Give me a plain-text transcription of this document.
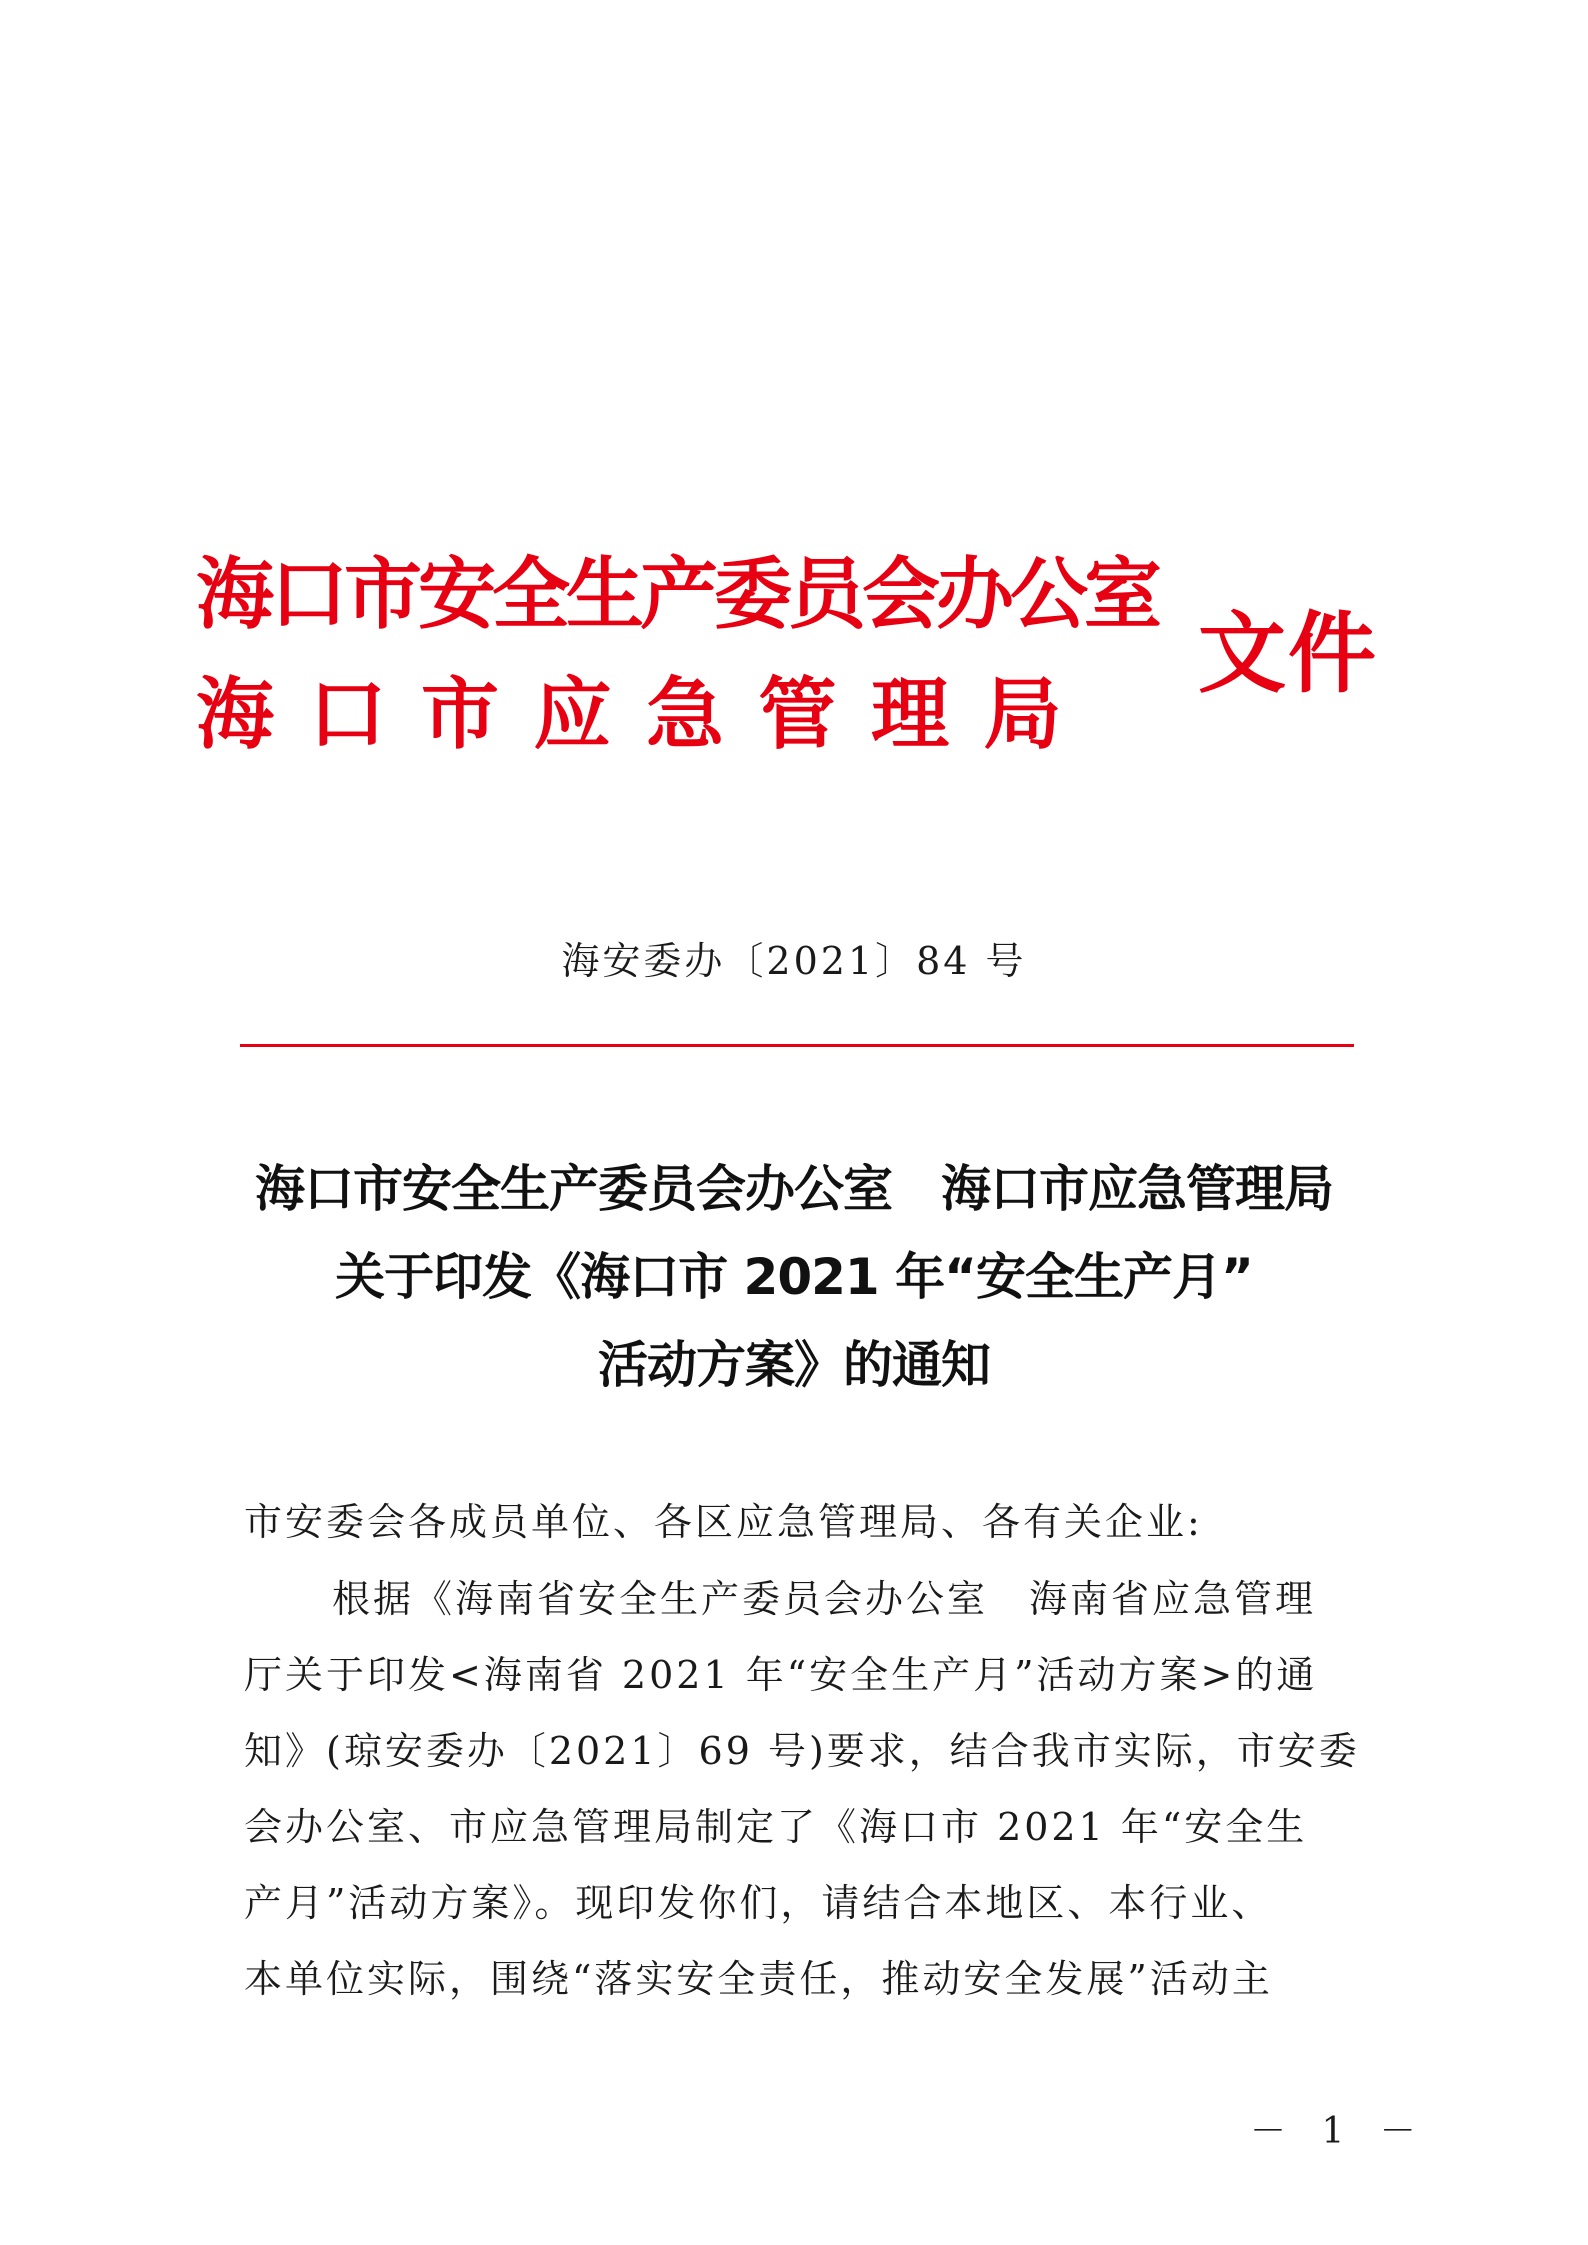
海口市安全生产委员会办公室
海口市应急管理局
文件
海安委办〔2021〕84 号
海口市安全生产委员会办公室　海口市应急管理局
关于印发《海口市 2021 年“安全生产月”
活动方案》的通知
市安委会各成员单位、各区应急管理局、各有关企业:
根据《海南省安全生产委员会办公室　海南省应急管理
厅关于印发<海南省 2021 年“安全生产月”活动方案>的通
知》(琼安委办〔2021〕69 号)要求，结合我市实际，市安委
会办公室、市应急管理局制定了《海口市 2021 年“安全生
产月”活动方案》。现印发你们，请结合本地区、本行业、
本单位实际，围绕“落实安全责任，推动安全发展”活动主
－ 1 －
